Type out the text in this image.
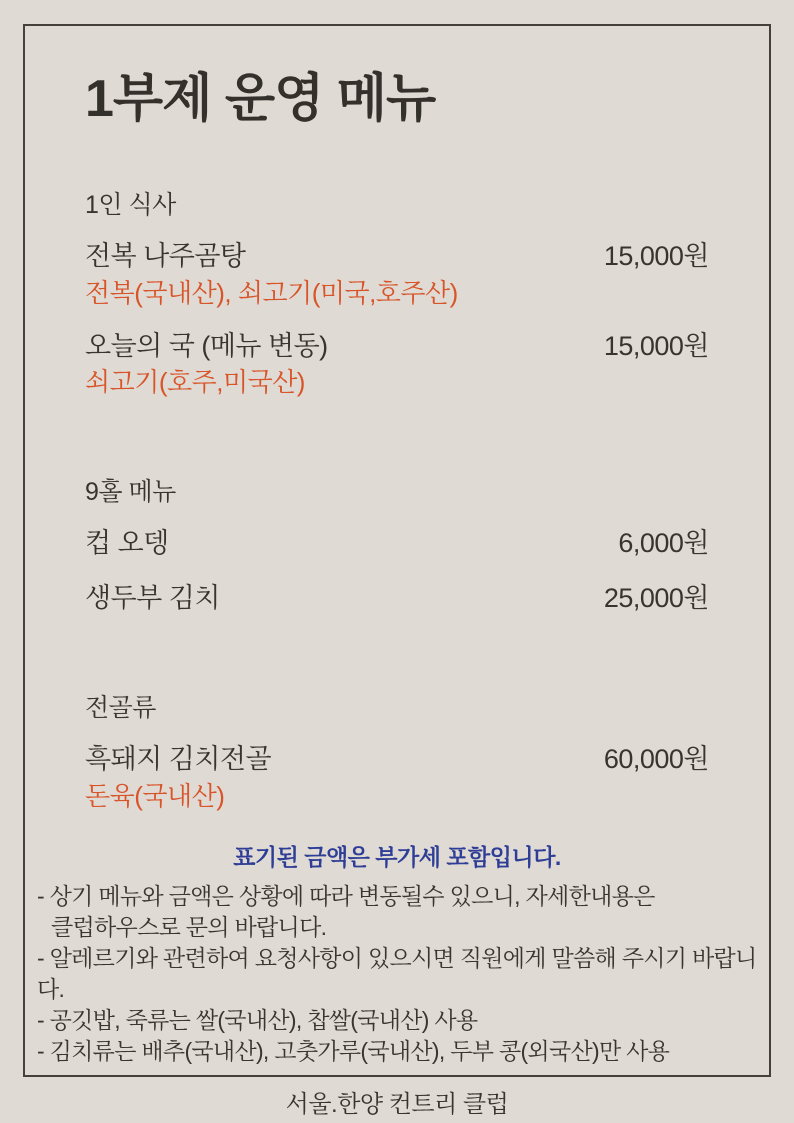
1부제 운영 메뉴
1인 식사
전복 나주곰탕	15,000원
전복(국내산), 쇠고기(미국,호주산)
오늘의 국 (메뉴 변동)	15,000원
쇠고기(호주,미국산)
9홀 메뉴
컵 오뎅	6,000원
생두부 김치	25,000원
전골류
흑돼지 김치전골	60,000원
돈육(국내산)
표기된 금액은 부가세 포함입니다.
- 상기 메뉴와 금액은 상황에 따라 변동될수 있으니, 자세한내용은
클럽하우스로 문의 바랍니다.
- 알레르기와 관련하여 요청사항이 있으시면 직원에게 말씀해 주시기 바랍니다.
- 공깃밥, 죽류는 쌀(국내산), 찹쌀(국내산) 사용
- 김치류는 배추(국내산), 고춧가루(국내산), 두부 콩(외국산)만 사용
서울.한양 컨트리 클럽
